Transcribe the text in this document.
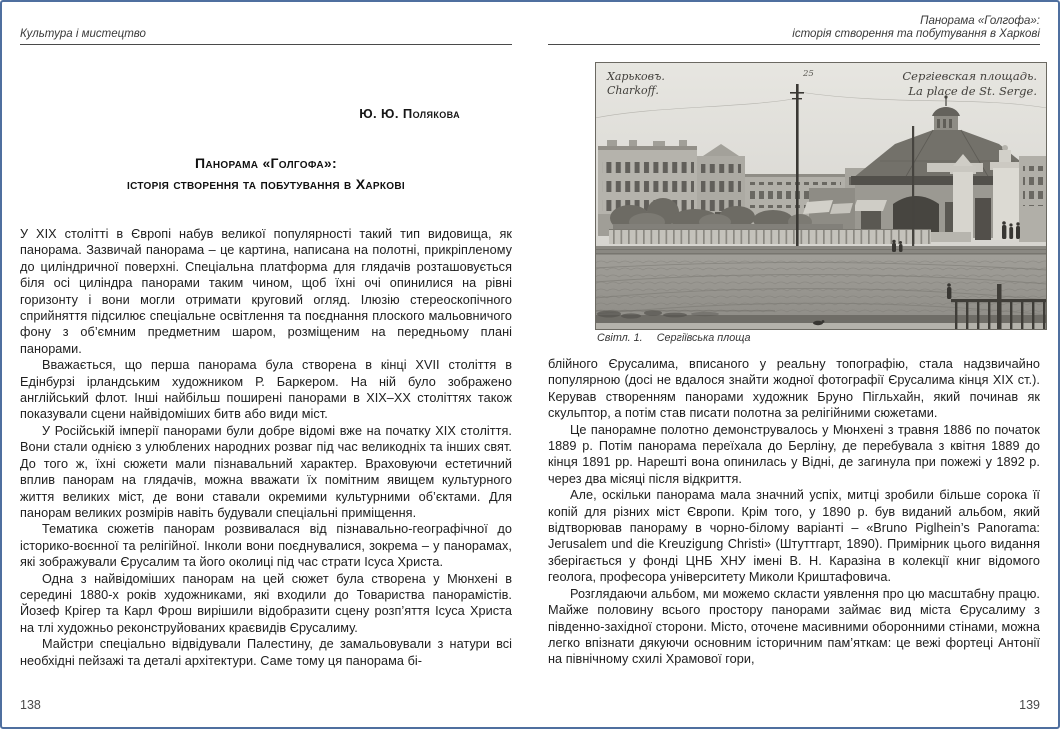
Культура і мистецтво
Ю. Ю. Полякова
Панорама «Голгофа»:
історія створення та побутування в Харкові

У XIX столітті в Європі набув великої популярності такий тип видовища, як панорама. Зазвичай панорама – це картина, написана на полотні, прикріпленому до циліндричної поверхні. Спеціальна платформа для глядачів розташовується біля осі циліндра панорами таким чином, щоб їхні очі опинилися на рівні горизонту і вони могли отримати круговий огляд. Ілюзію стереоскопічного сприйняття підсилює спеціальне освітлення та поєднання плоского мальовничого фону з об’ємним предметним шаром, розміщеним на передньому плані панорами.

Вважається, що перша панорама була створена в кінці XVII століття в Едінбурзі ірландським художником Р. Баркером. На ній було зображено англійський флот. Інші найбільш поширені панорами в XIX–XX століттях також показували сцени найвідоміших битв або види міст.

У Російській імперії панорами були добре відомі вже на початку XIX століття. Вони стали однією з улюблених народних розваг під час великодніх та інших свят. До того ж, їхні сюжети мали пізнавальний характер. Враховуючи естетичний вплив панорам на глядачів, можна вважати їх помітним явищем культурного життя великих міст, де вони ставали окремими культурними об’єктами. Для панорам великих розмірів навіть будували спеціальні приміщення.

Тематика сюжетів панорам розвивалася від пізнавально-географічної до історико-воєнної та релігійної. Інколи вони поєднувалися, зокрема – у панорамах, які зображували Єрусалим та його околиці під час страти Ісуса Христа.

Одна з найвідоміших панорам на цей сюжет була створена у Мюнхені в середині 1880-х років художниками, які входили до Товариства панорамістів. Йозеф Крігер та Карл Фрош вирішили відобразити сцену розп’яття Ісуса Христа на тлі художньо реконструйованих краєвидів Єрусалиму.

Майстри спеціально відвідували Палестину, де замальовували з натури всі необхідні пейзажі та деталі архітектури. Саме тому ця панорама бі-

138
Панорама «Голгофа»:
історія створення та побутування в Харкові
Харьковъ.
Charkoff.
25	Сергіевская площадь.
La place de St. Serge.
Світл. 1. Сергіївська площа

блійного Єрусалима, вписаного у реальну топографію, стала надзвичайно популярною (досі не вдалося знайти жодної фотографії Єрусалима кінця XIX ст.). Керував створенням панорами художник Бруно Пігльхайн, який починав як скульптор, а потім став писати полотна за релігійними сюжетами.

Це панорамне полотно демонструвалось у Мюнхені з травня 1886 по початок 1889 р. Потім панорама переїхала до Берліну, де перебувала з квітня 1889 до кінця 1891 рр. Нарешті вона опинилась у Відні, де загинула при пожежі у 1892 р. через два місяці після відкриття.

Але, оскільки панорама мала значний успіх, митці зробили більше сорока її копій для різних міст Європи. Крім того, у 1890 р. був виданий альбом, який відтворював панораму в чорно-білому варіанті – «Bruno Piglhein’s Panorama: Jerusalem und die Kreuzigung Christi» (Штуттгарт, 1890). Примірник цього видання зберігається у фонді ЦНБ ХНУ імені В. Н. Каразіна в колекції книг відомого геолога, професора університету Миколи Криштафовича.

Розглядаючи альбом, ми можемо скласти уявлення про цю масштабну працю. Майже половину всього простору панорами займає вид міста Єрусалиму з південно-західної сторони. Місто, оточене масивними оборонними стінами, можна легко впізнати дякуючи основним історичним пам’яткам: це вежі фортеці Антонії на північному схилі Храмової гори,

139
